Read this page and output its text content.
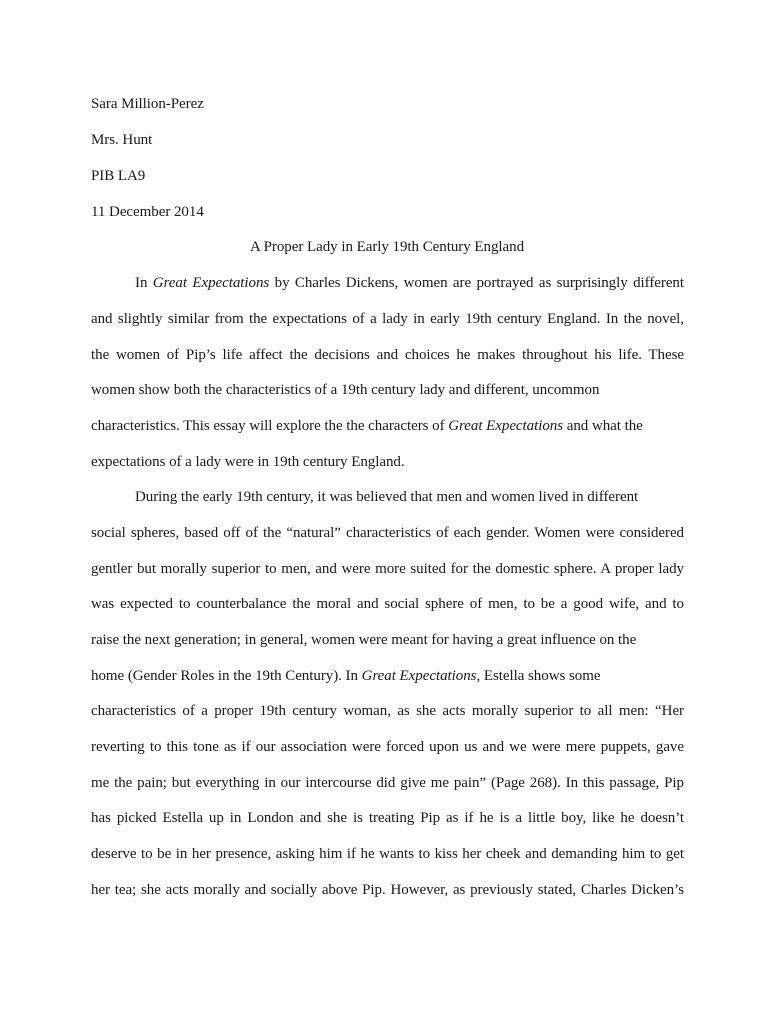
Sara Million-Perez
Mrs. Hunt
PIB LA9
11 December 2014
A Proper Lady in Early 19th Century England
In Great Expectations by Charles Dickens, women are portrayed as surprisingly different
and slightly similar from the expectations of a lady in early 19th century England. In the novel,
the women of Pip’s life affect the decisions and choices he makes throughout his life. These
women show both the characteristics of a 19th century lady and different, uncommon
characteristics. This essay will explore the the characters of Great Expectations and what the
expectations of a lady were in 19th century England.
During the early 19th century, it was believed that men and women lived in different
social spheres, based off of the “natural” characteristics of each gender. Women were considered
gentler but morally superior to men, and were more suited for the domestic sphere. A proper lady
was expected to counterbalance the moral and social sphere of men, to be a good wife, and to
raise the next generation; in general, women were meant for having a great influence on the
home (Gender Roles in the 19th Century). In Great Expectations, Estella shows some
characteristics of a proper 19th century woman, as she acts morally superior to all men: “Her
reverting to this tone as if our association were forced upon us and we were mere puppets, gave
me the pain; but everything in our intercourse did give me pain” (Page 268). In this passage, Pip
has picked Estella up in London and she is treating Pip as if he is a little boy, like he doesn’t
deserve to be in her presence, asking him if he wants to kiss her cheek and demanding him to get
her tea; she acts morally and socially above Pip. However, as previously stated, Charles Dicken’s
